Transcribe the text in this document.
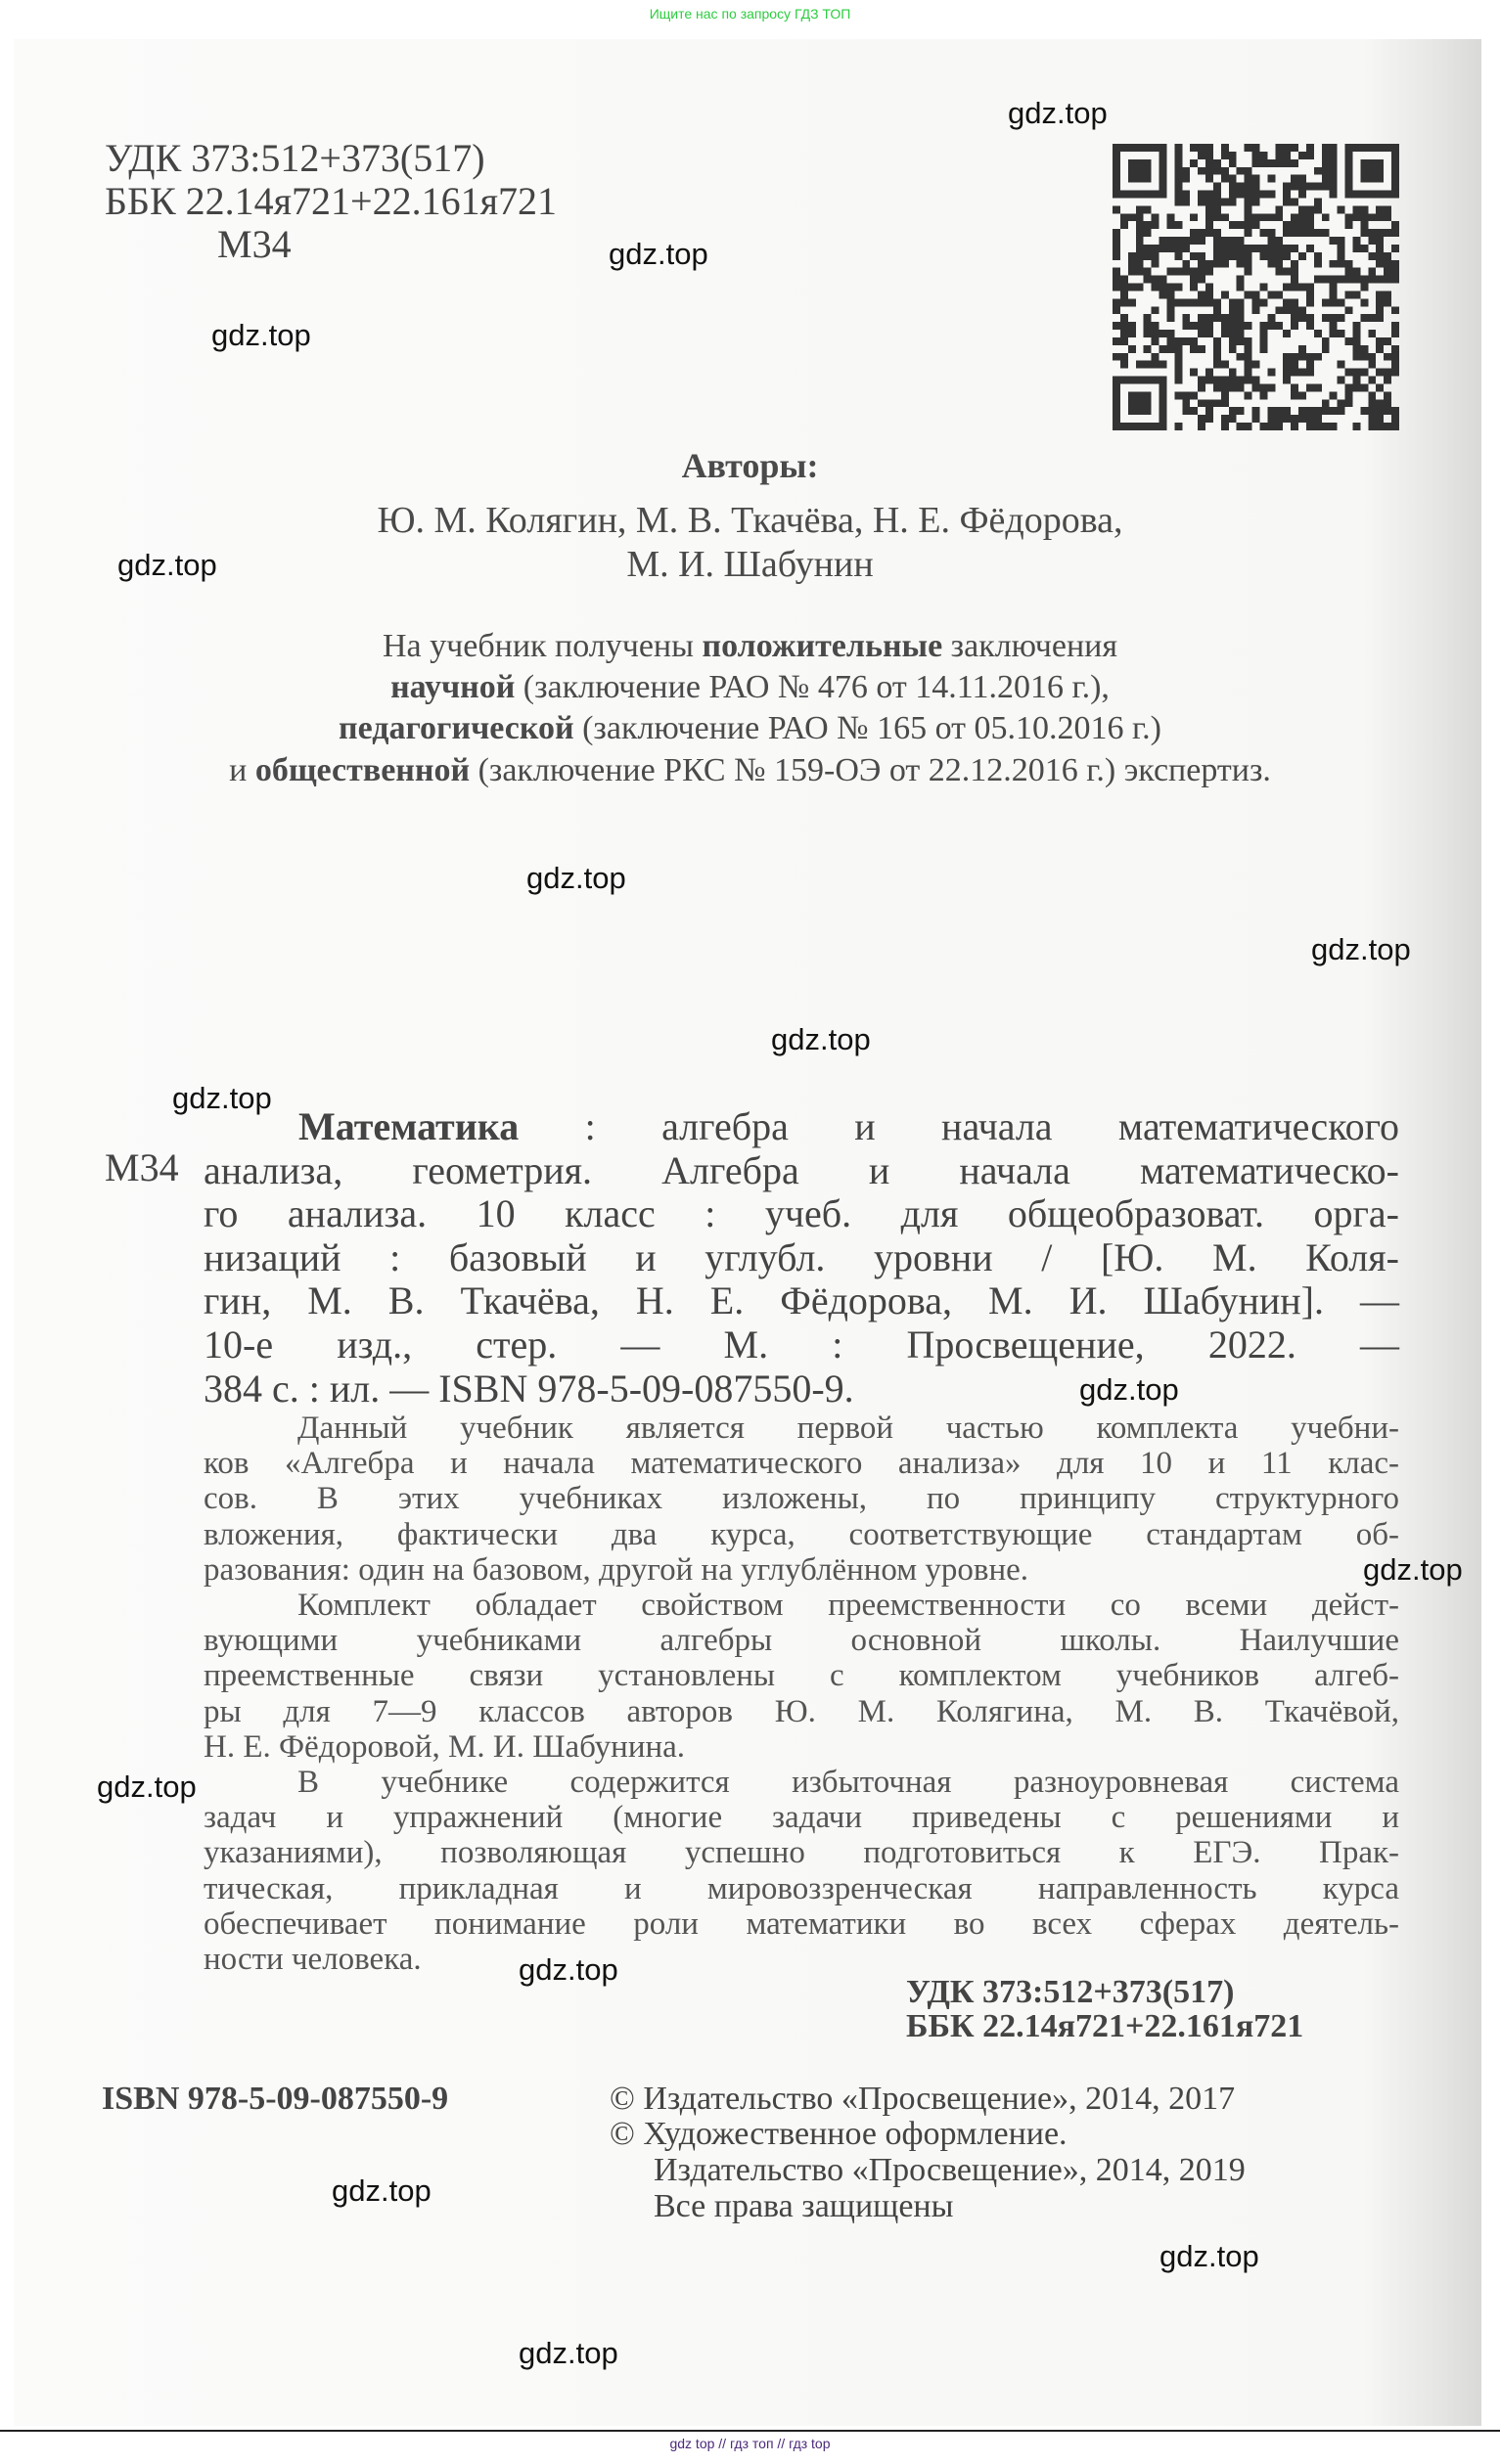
Ищите нас по запросу ГДЗ ТОП
УДК 373:512+373(517)
ББК 22.14я721+22.161я721
М34
Авторы:
Ю. М. Колягин, М. В. Ткачёва, Н. Е. Фёдорова,
М. И. Шабунин
На учебник получены положительные заключения
научной (заключение РАО № 476 от 14.11.2016 г.),
педагогической (заключение РАО № 165 от 05.10.2016 г.)
и общественной (заключение РКС № 159-ОЭ от 22.12.2016 г.) экспертиз.
М34
Математика : алгебра и начала математического
анализа, геометрия. Алгебра и начала математическо-
го анализа. 10 класс : учеб. для общеобразоват. орга-
низаций : базовый и углубл. уровни / [Ю. М. Коля-
гин, М. В. Ткачёва, Н. Е. Фёдорова, М. И. Шабунин]. —
10-е изд., стер. — М. : Просвещение, 2022. —
384 с. : ил. — ISBN 978-5-09-087550-9.
Данный учебник является первой частью комплекта учебни-
ков «Алгебра и начала математического анализа» для 10 и 11 клас-
сов. В этих учебниках изложены, по принципу структурного
вложения, фактически два курса, соответствующие стандартам об-
разования: один на базовом, другой на углублённом уровне.
Комплект обладает свойством преемственности со всеми дейст-
вующими учебниками алгебры основной школы. Наилучшие
преемственные связи установлены с комплектом учебников алгеб-
ры для 7—9 классов авторов Ю. М. Колягина, М. В. Ткачёвой,
Н. Е. Фёдоровой, М. И. Шабунина.
В учебнике содержится избыточная разноуровневая система
задач и упражнений (многие задачи приведены с решениями и
указаниями), позволяющая успешно подготовиться к ЕГЭ. Прак-
тическая, прикладная и мировоззренческая направленность курса
обеспечивает понимание роли математики во всех сферах деятель-
ности человека.
УДК 373:512+373(517)
ББК 22.14я721+22.161я721
ISBN 978-5-09-087550-9	© Издательство «Просвещение», 2014, 2017
© Художественное оформление.
Издательство «Просвещение», 2014, 2019
Все права защищены
gdz.top
gdz.top
gdz.top
gdz.top
gdz.top
gdz.top
gdz.top
gdz.top
gdz.top
gdz.top
gdz.top
gdz.top
gdz.top
gdz.top
gdz.top
gdz top // гдз топ // гдз top
